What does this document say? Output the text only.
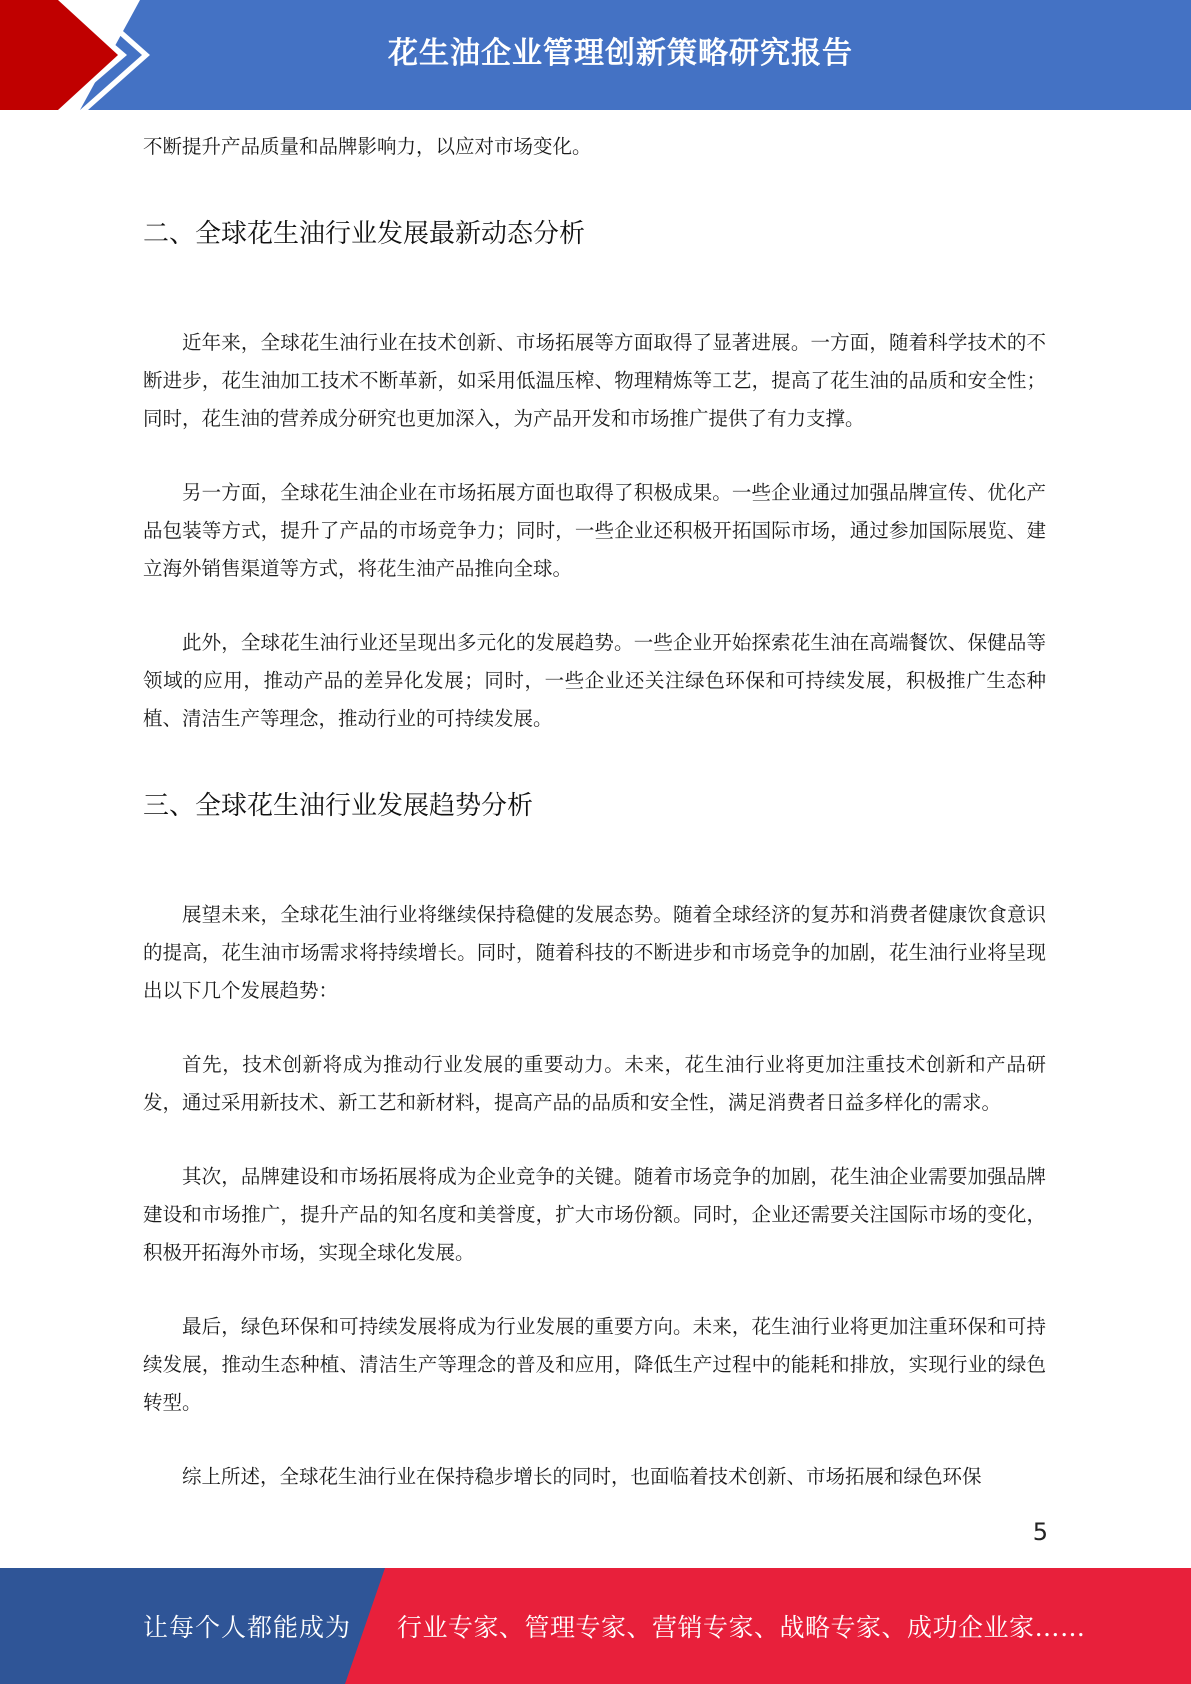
花生油企业管理创新策略研究报告

不断提升产品质量和品牌影响力，以应对市场变化。

二、全球花生油行业发展最新动态分析

近年来，全球花生油行业在技术创新、市场拓展等方面取得了显著进展。一方面，随着科学技术的不断进步，花生油加工技术不断革新，如采用低温压榨、物理精炼等工艺，提高了花生油的品质和安全性；同时，花生油的营养成分研究也更加深入，为产品开发和市场推广提供了有力支撑。

另一方面，全球花生油企业在市场拓展方面也取得了积极成果。一些企业通过加强品牌宣传、优化产品包装等方式，提升了产品的市场竞争力；同时，一些企业还积极开拓国际市场，通过参加国际展览、建立海外销售渠道等方式，将花生油产品推向全球。

此外，全球花生油行业还呈现出多元化的发展趋势。一些企业开始探索花生油在高端餐饮、保健品等领域的应用，推动产品的差异化发展；同时，一些企业还关注绿色环保和可持续发展，积极推广生态种植、清洁生产等理念，推动行业的可持续发展。

三、全球花生油行业发展趋势分析

展望未来，全球花生油行业将继续保持稳健的发展态势。随着全球经济的复苏和消费者健康饮食意识的提高，花生油市场需求将持续增长。同时，随着科技的不断进步和市场竞争的加剧，花生油行业将呈现出以下几个发展趋势：

首先，技术创新将成为推动行业发展的重要动力。未来，花生油行业将更加注重技术创新和产品研发，通过采用新技术、新工艺和新材料，提高产品的品质和安全性，满足消费者日益多样化的需求。

其次，品牌建设和市场拓展将成为企业竞争的关键。随着市场竞争的加剧，花生油企业需要加强品牌建设和市场推广，提升产品的知名度和美誉度，扩大市场份额。同时，企业还需要关注国际市场的变化，积极开拓海外市场，实现全球化发展。

最后，绿色环保和可持续发展将成为行业发展的重要方向。未来，花生油行业将更加注重环保和可持续发展，推动生态种植、清洁生产等理念的普及和应用，降低生产过程中的能耗和排放，实现行业的绿色转型。

综上所述，全球花生油行业在保持稳步增长的同时，也面临着技术创新、市场拓展和绿色环保

5
让每个人都能成为 行业专家、管理专家、营销专家、战略专家、成功企业家……
